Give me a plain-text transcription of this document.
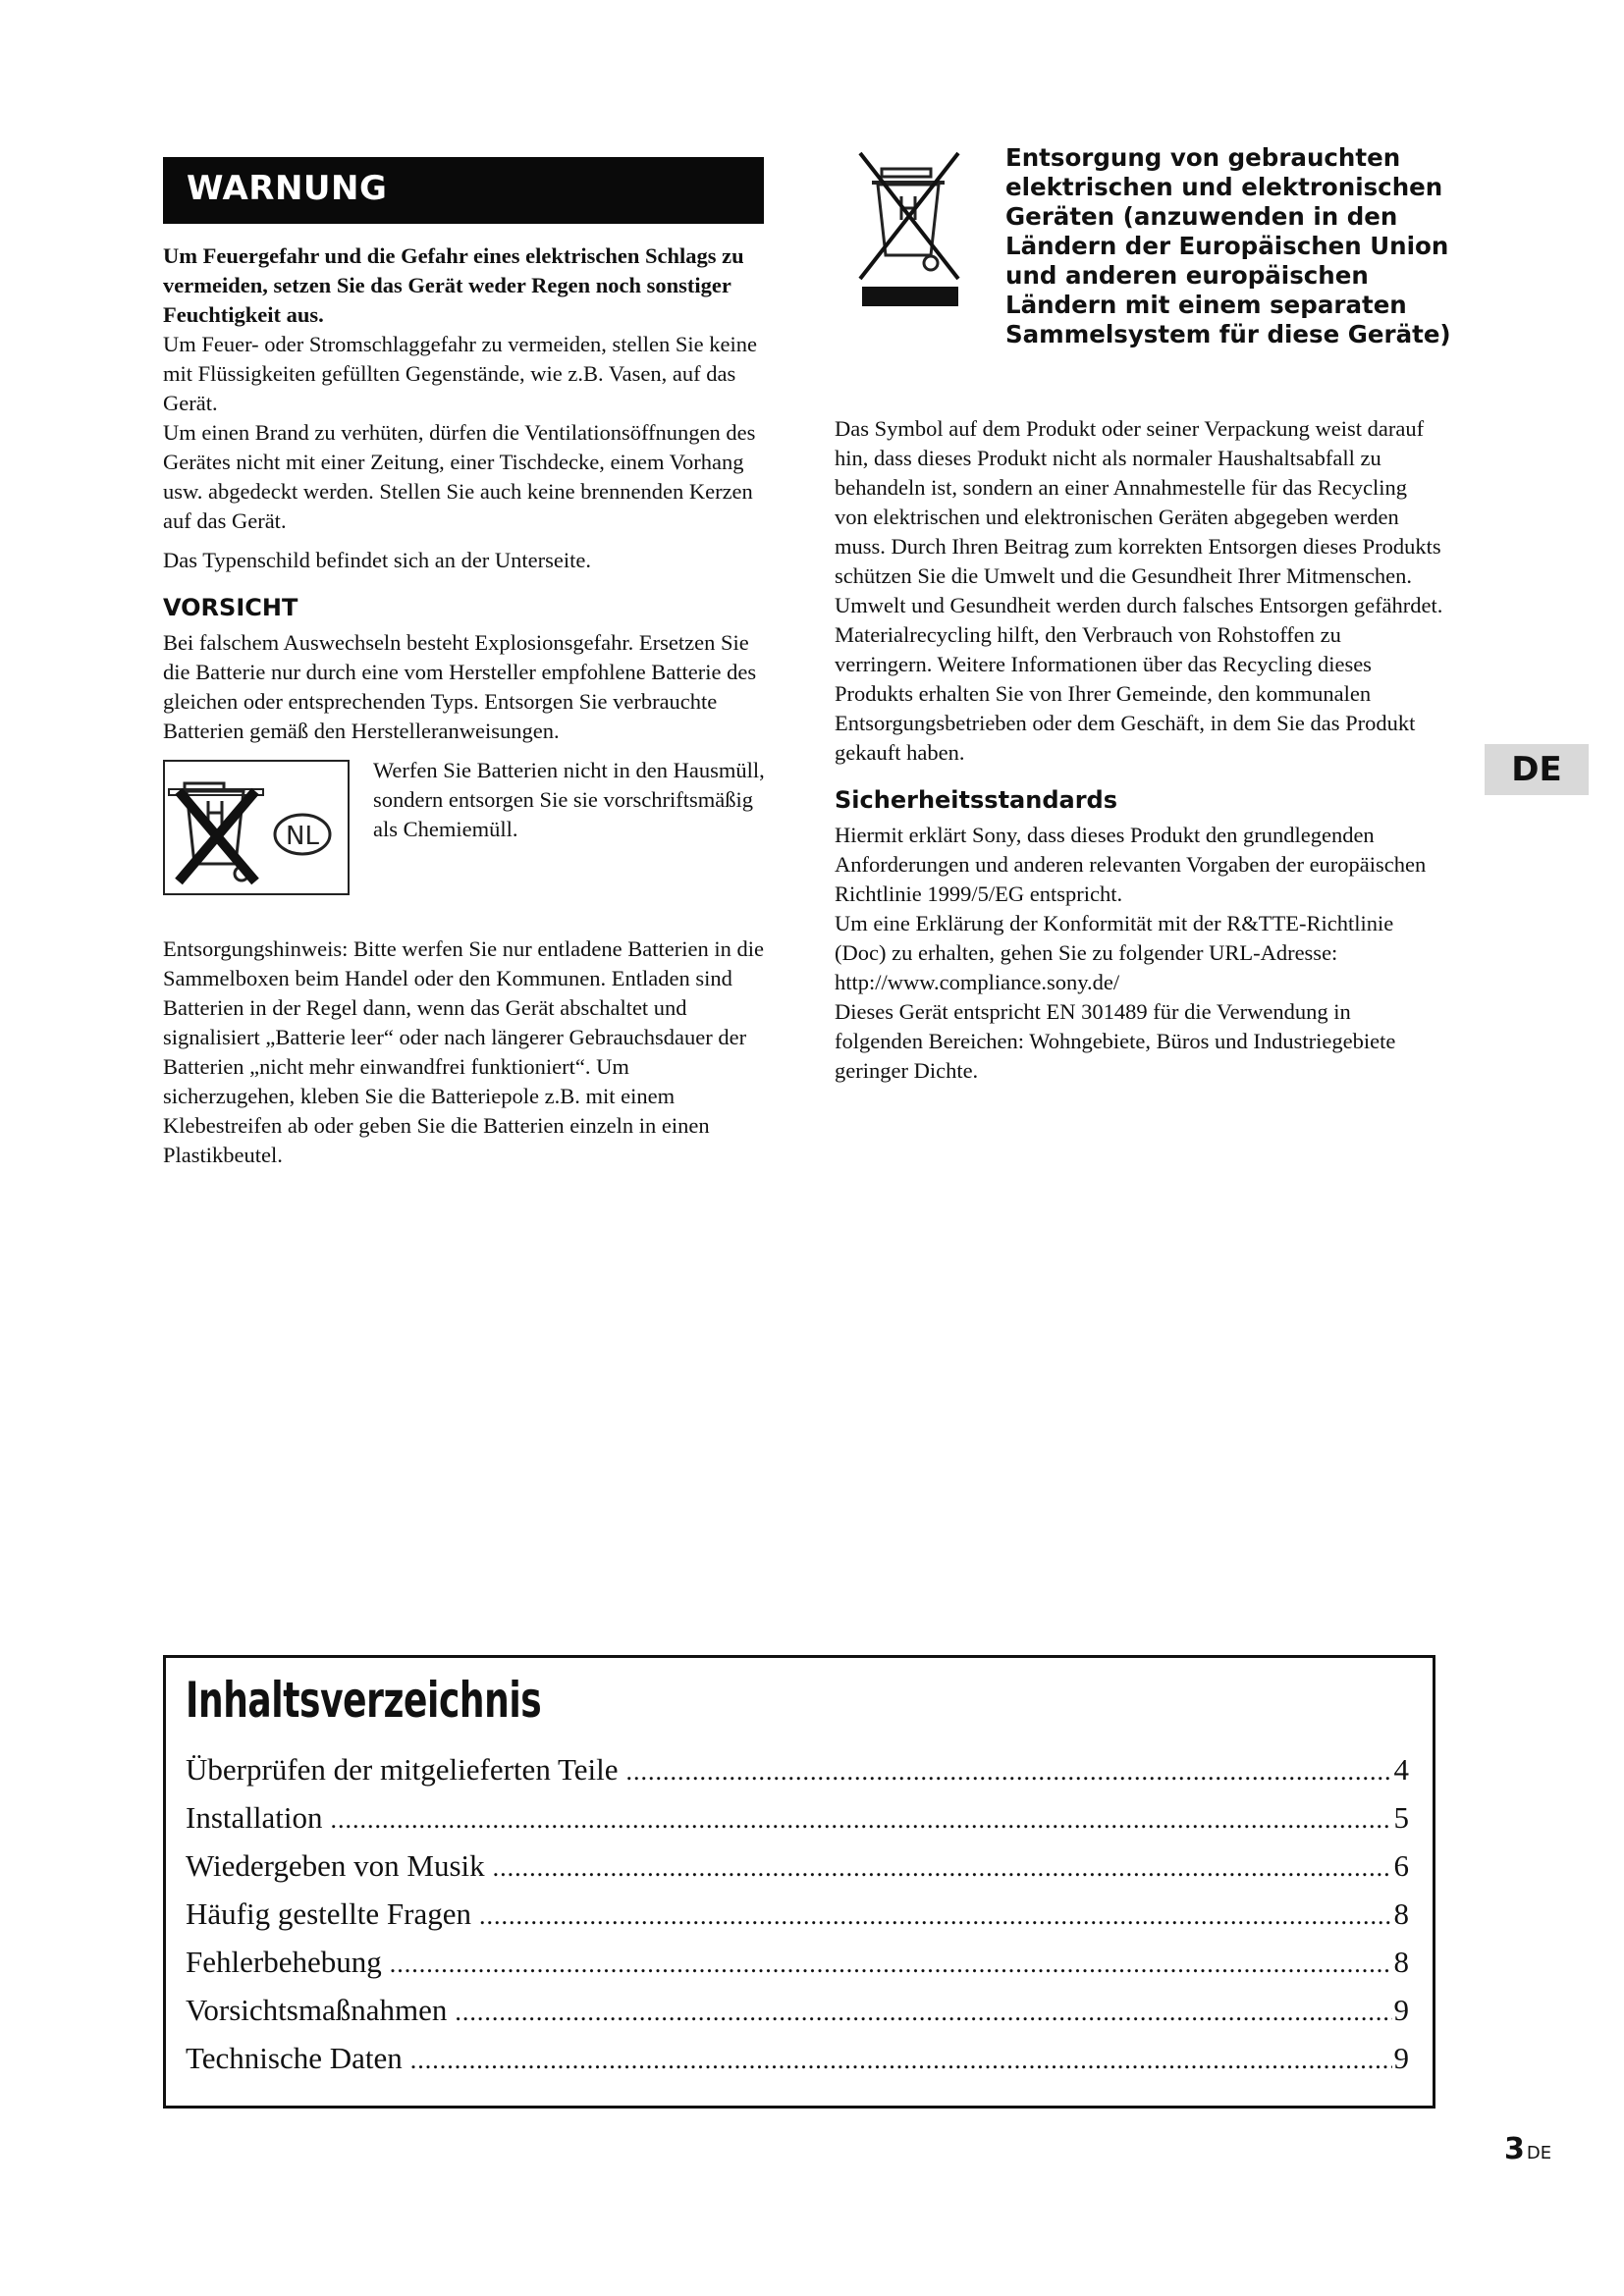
WARNUNG

Um Feuergefahr und die Gefahr eines elektrischen Schlags zu vermeiden, setzen Sie das Gerät weder Regen noch sonstiger Feuchtigkeit aus.

Um Feuer- oder Stromschlaggefahr zu vermeiden, stellen Sie keine mit Flüssigkeiten gefüllten Gegenstände, wie z.B. Vasen, auf das Gerät.

Um einen Brand zu verhüten, dürfen die Ventilationsöffnungen des Gerätes nicht mit einer Zeitung, einer Tischdecke, einem Vorhang usw. abgedeckt werden. Stellen Sie auch keine brennenden Kerzen auf das Gerät.

Das Typenschild befindet sich an der Unterseite.

VORSICHT

Bei falschem Auswechseln besteht Explosionsgefahr. Ersetzen Sie die Batterie nur durch eine vom Hersteller empfohlene Batterie des gleichen oder entsprechenden Typs. Entsorgen Sie verbrauchte Batterien gemäß den Herstelleranweisungen.

NL

Werfen Sie Batterien nicht in den Hausmüll, sondern entsorgen Sie sie vorschriftsmäßig als Chemiemüll.

Entsorgungshinweis: Bitte werfen Sie nur entladene Batterien in die Sammelboxen beim Handel oder den Kommunen. Entladen sind Batterien in der Regel dann, wenn das Gerät abschaltet und signalisiert „Batterie leer“ oder nach längerer Gebrauchsdauer der Batterien „nicht mehr einwandfrei funktioniert“. Um sicherzugehen, kleben Sie die Batteriepole z.B. mit einem Klebestreifen ab oder geben Sie die Batterien einzeln in einen Plastikbeutel.

Entsorgung von gebrauchten elektrischen und elektronischen Geräten (anzuwenden in den Ländern der Europäischen Union und anderen europäischen Ländern mit einem separaten Sammelsystem für diese Geräte)

Das Symbol auf dem Produkt oder seiner Verpackung weist darauf hin, dass dieses Produkt nicht als normaler Haushaltsabfall zu behandeln ist, sondern an einer Annahmestelle für das Recycling von elektrischen und elektronischen Geräten abgegeben werden muss. Durch Ihren Beitrag zum korrekten Entsorgen dieses Produkts schützen Sie die Umwelt und die Gesundheit Ihrer Mitmenschen. Umwelt und Gesundheit werden durch falsches Entsorgen gefährdet. Materialrecycling hilft, den Verbrauch von Rohstoffen zu verringern. Weitere Informationen über das Recycling dieses Produkts erhalten Sie von Ihrer Gemeinde, den kommunalen Entsorgungsbetrieben oder dem Geschäft, in dem Sie das Produkt gekauft haben.

Sicherheitsstandards

Hiermit erklärt Sony, dass dieses Produkt den grundlegenden Anforderungen und anderen relevanten Vorgaben der europäischen Richtlinie 1999/5/EG entspricht.

Um eine Erklärung der Konformität mit der R&TTE-Richtlinie (Doc) zu erhalten, gehen Sie zu folgender URL-Adresse: http://www.compliance.sony.de/

Dieses Gerät entspricht EN 301489 für die Verwendung in folgenden Bereichen: Wohngebiete, Büros und Industriegebiete geringer Dichte.

DE
Inhaltsverzeichnis
Überprüfen der mitgelieferten Teile .....	4
Installation .....	5
Wiedergeben von Musik .....	6
Häufig gestellte Fragen .....	8
Fehlerbehebung .....	8
Vorsichtsmaßnahmen .....	9
Technische Daten .....	9
3 DE
